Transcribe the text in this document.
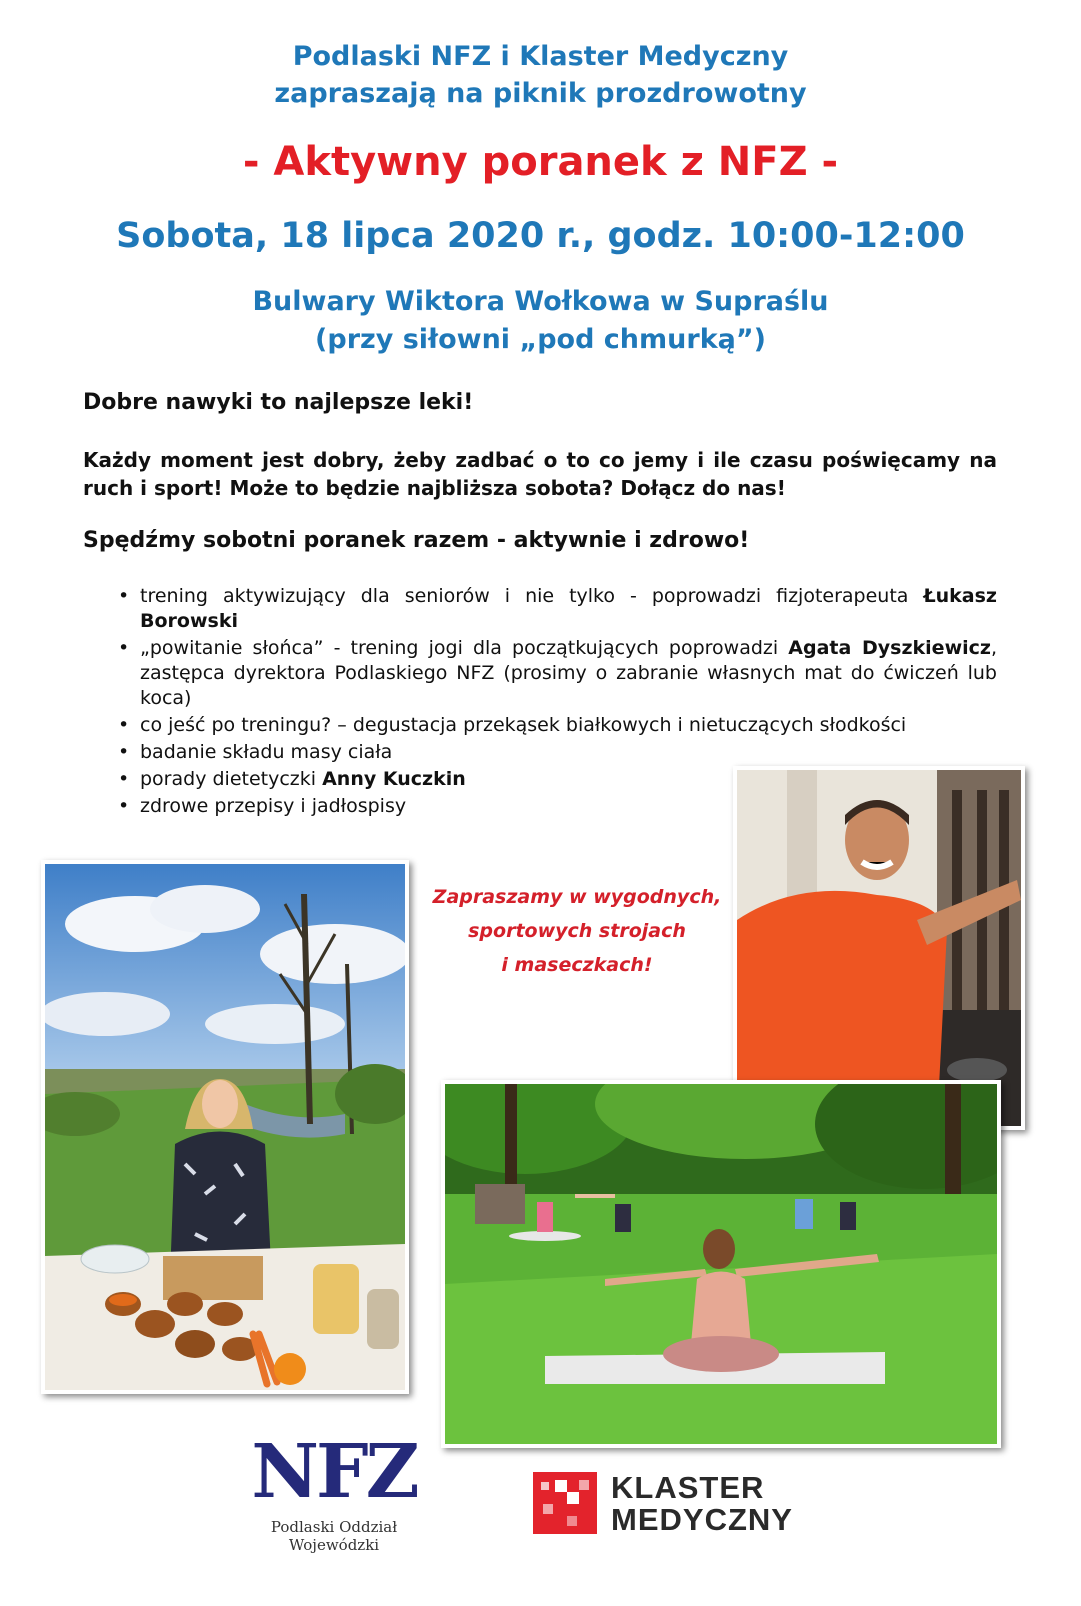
Podlaski NFZ i Klaster Medyczny
zapraszają na piknik prozdrowotny
- Aktywny poranek z NFZ -
Sobota, 18 lipca 2020 r., godz. 10:00-12:00
Bulwary Wiktora Wołkowa w Supraślu
(przy siłowni „pod chmurką”)
Dobre nawyki to najlepsze leki!
Każdy moment jest dobry, żeby zadbać o to co jemy i ile czasu poświęcamy na ruch i sport! Może to będzie najbliższa sobota? Dołącz do nas!
Spędźmy sobotni poranek razem - aktywnie i zdrowo!
• trening aktywizujący dla seniorów i nie tylko - poprowadzi fizjoterapeuta Łukasz Borowski
• „powitanie słońca” - trening jogi dla początkujących poprowadzi Agata Dyszkiewicz, zastępca dyrektora Podlaskiego NFZ (prosimy o zabranie własnych mat do ćwiczeń lub koca)
• co jeść po treningu? – degustacja przekąsek białkowych i nietuczących słodkości
• badanie składu masy ciała
• porady dietetyczki Anny Kuczkin
• zdrowe przepisy i jadłospisy
Zapraszamy w wygodnych,
sportowych strojach
i maseczkach!
NFZ
Podlaski Oddział Wojewódzki
KLASTER
MEDYCZNY
